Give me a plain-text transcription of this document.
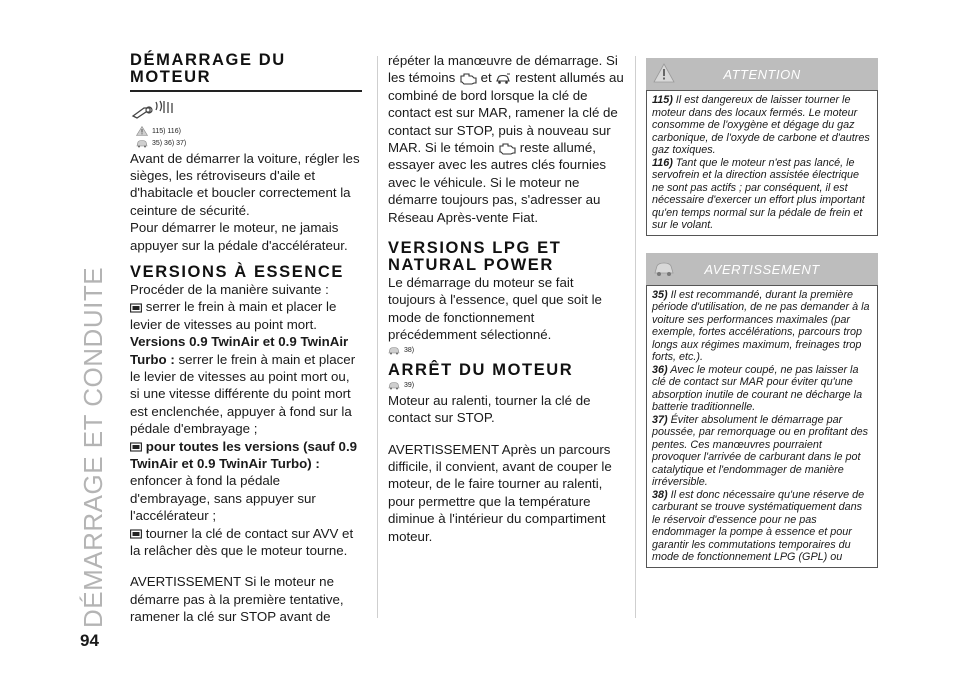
DÉMARRAGE ET CONDUITE
94
DÉMARRAGE DU
MOTEUR
115) 116)
35) 36) 37)

Avant de démarrer la voiture, régler les sièges, les rétroviseurs d'aile et d'habitacle et boucler correctement la ceinture de sécurité.

Pour démarrer le moteur, ne jamais appuyer sur la pédale d'accélérateur.

VERSIONS À ESSENCE

Procéder de la manière suivante :

serrer le frein à main et placer le levier de vitesses au point mort.

Versions 0.9 TwinAir et 0.9 TwinAir Turbo : serrer le frein à main et placer le levier de vitesses au point mort ou, si une vitesse différente du point mort est enclenchée, appuyer à fond sur la pédale d'embrayage ;

pour toutes les versions (sauf 0.9 TwinAir et 0.9 TwinAir Turbo) : enfoncer à fond la pédale d'embrayage, sans appuyer sur l'accélérateur ;

tourner la clé de contact sur AVV et la relâcher dès que le moteur tourne.

AVERTISSEMENT Si le moteur ne démarre pas à la première tentative, ramener la clé sur STOP avant de

répéter la manœuvre de démarrage. Si les témoins  et  restent allumés au combiné de bord lorsque la clé de contact est sur MAR, ramener la clé de contact sur STOP, puis à nouveau sur MAR. Si le témoin  reste allumé, essayer avec les autres clés fournies avec le véhicule. Si le moteur ne démarre toujours pas, s'adresser au Réseau Après-vente Fiat.

VERSIONS LPG ET
NATURAL POWER

Le démarrage du moteur se fait toujours à l'essence, quel que soit le mode de fonctionnement précédemment sélectionné.

38)
ARRÊT DU MOTEUR
39)

Moteur au ralenti, tourner la clé de contact sur STOP.

AVERTISSEMENT Après un parcours difficile, il convient, avant de couper le moteur, de le faire tourner au ralenti, pour permettre que la température diminue à l'intérieur du compartiment moteur.

ATTENTION

115) Il est dangereux de laisser tourner le moteur dans des locaux fermés. Le moteur consomme de l'oxygène et dégage du gaz carbonique, de l'oxyde de carbone et d'autres gaz toxiques.

116) Tant que le moteur n'est pas lancé, le servofrein et la direction assistée électrique ne sont pas actifs ; par conséquent, il est nécessaire d'exercer un effort plus important qu'en temps normal sur la pédale de frein et sur le volant.

AVERTISSEMENT

35) Il est recommandé, durant la première période d'utilisation, de ne pas demander à la voiture ses performances maximales (par exemple, fortes accélérations, parcours trop longs aux régimes maximum, freinages trop forts, etc.).

36) Avec le moteur coupé, ne pas laisser la clé de contact sur MAR pour éviter qu'une absorption inutile de courant ne décharge la batterie traditionnelle.

37) Éviter absolument le démarrage par poussée, par remorquage ou en profitant des pentes. Ces manœuvres pourraient provoquer l'arrivée de carburant dans le pot catalytique et l'endommager de manière irréversible.

38) Il est donc nécessaire qu'une réserve de carburant se trouve systématiquement dans le réservoir d'essence pour ne pas endommager la pompe à essence et pour garantir les commutations temporaires du mode de fonctionnement LPG (GPL) ou
